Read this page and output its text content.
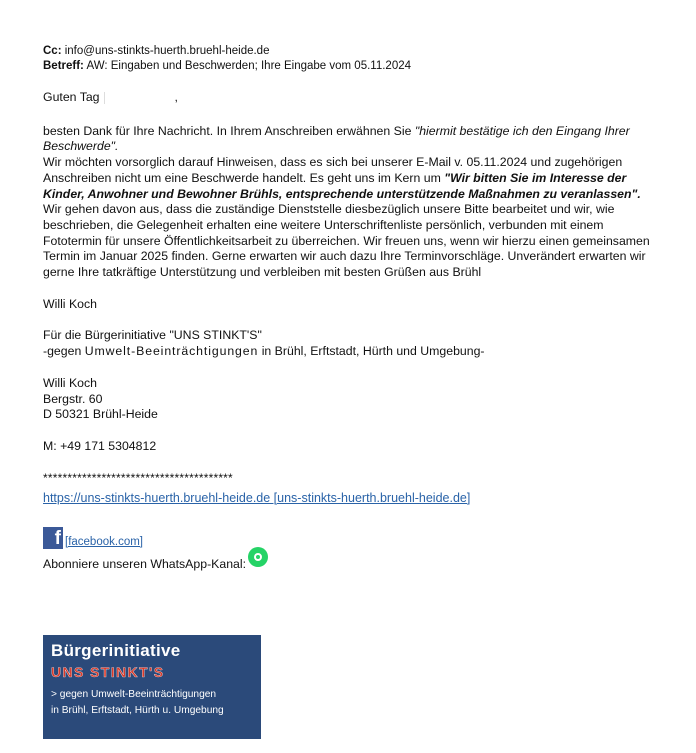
Cc: info@uns-stinkts-huerth.bruehl-heide.de
Betreff: AW: Eingaben und Beschwerden; Ihre Eingabe vom 05.11.2024
Guten Tag	,
besten Dank für Ihre Nachricht. In Ihrem Anschreiben erwähnen Sie "hiermit bestätige ich den Eingang Ihrer Beschwerde".
Wir möchten vorsorglich darauf Hinweisen, dass es sich bei unserer E-Mail v. 05.11.2024 und zugehörigen Anschreiben nicht um eine Beschwerde handelt. Es geht uns im Kern um "Wir bitten Sie im Interesse der Kinder, Anwohner und Bewohner Brühls, entsprechende unterstützende Maßnahmen zu veranlassen".
Wir gehen davon aus, dass die zuständige Dienststelle diesbezüglich unsere Bitte bearbeitet und wir, wie beschrieben, die Gelegenheit erhalten eine weitere Unterschriftenliste persönlich, verbunden mit einem Fototermin für unsere Öffentlichkeitsarbeit zu überreichen. Wir freuen uns, wenn wir hierzu einen gemeinsamen Termin im Januar 2025 finden. Gerne erwarten wir auch dazu Ihre Terminvorschläge. Unverändert erwarten wir gerne Ihre tatkräftige Unterstützung und verbleiben mit besten Grüßen aus Brühl
Willi Koch
Für die Bürgerinitiative "UNS STINKT'S"
-gegen Umwelt-Beeinträchtigungen in Brühl, Erftstadt, Hürth und Umgebung-
Willi Koch
Bergstr. 60
D 50321 Brühl-Heide
M: +49 171 5304812
***************************************
https://uns-stinkts-huerth.bruehl-heide.de [uns-stinkts-huerth.bruehl-heide.de]
f [facebook.com]
Abonniere unseren WhatsApp-Kanal:
Bürgerinitiative
UNS STINKT'S
> gegen Umwelt-Beeinträchtigungen
in Brühl, Erftstadt, Hürth u. Umgebung
